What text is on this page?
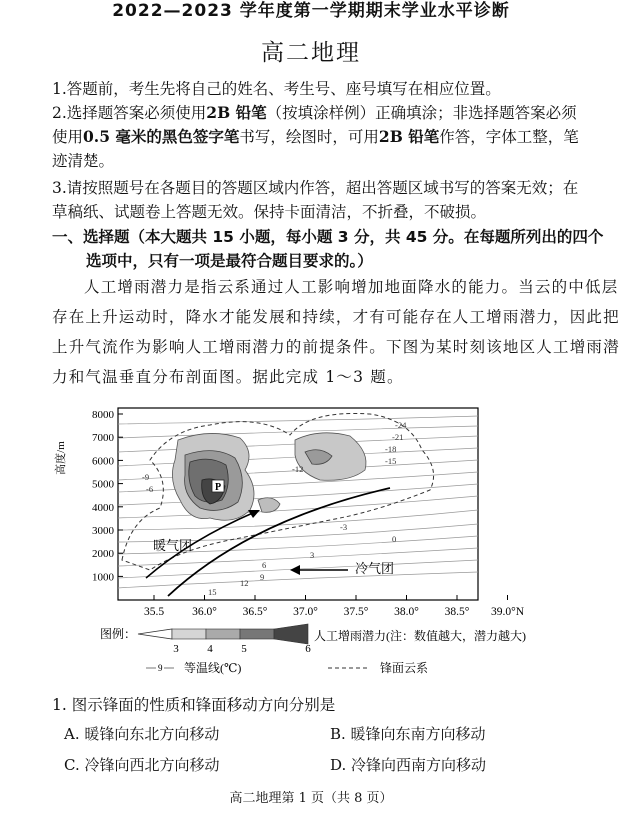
2022—2023 学年度第一学期期末学业水平诊断
高二地理
1.答题前，考生先将自己的姓名、考生号、座号填写在相应位置。
2.选择题答案必须使用2B 铅笔（按填涂样例）正确填涂；非选择题答案必须
使用0.5 毫米的黑色签字笔书写，绘图时，可用2B 铅笔作答，字体工整，笔
迹清楚。
3.请按照题号在各题目的答题区域内作答，超出答题区域书写的答案无效；在
草稿纸、试题卷上答题无效。保持卡面清洁，不折叠，不破损。
一、选择题（本大题共 15 小题，每小题 3 分，共 45 分。在每题所列出的四个
选项中，只有一项是最符合题目要求的。）
人工增雨潜力是指云系通过人工影响增加地面降水的能力。当云的中低层
存在上升运动时，降水才能发展和持续，才有可能存在人工增雨潜力，因此把
上升气流作为影响人工增雨潜力的前提条件。下图为某时刻该地区人工增雨潜
力和气温垂直分布剖面图。据此完成 1～3 题。
高度/m
P
暖气团
冷气团
8000
7000
6000
5000
4000
3000
2000
1000
35.5 36.0° 36.5° 37.0° 37.5° 38.0° 38.5° 39.0°N
-24
-21
-18
-15
-12
-9
-6
-3
0
3
6
9
12
15
图例：
3	4	5	6
人工增雨潜力(注：数值越大，潜力越大)
9 等温线(℃)	锋面云系
1. 图示锋面的性质和锋面移动方向分别是
A. 暖锋向东北方向移动	B. 暖锋向东南方向移动
C. 冷锋向西北方向移动	D. 冷锋向西南方向移动
高二地理第 1 页（共 8 页）
